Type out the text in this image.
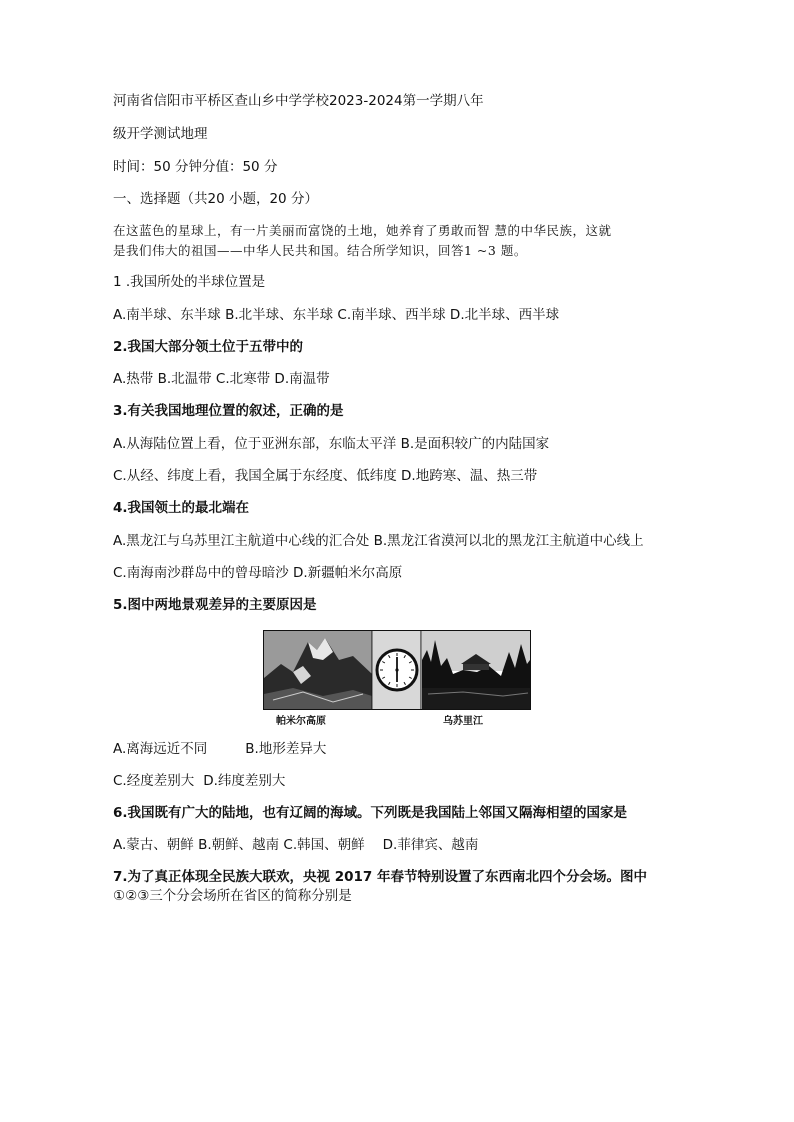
河南省信阳市平桥区查山乡中学学校2023-2024第一学期八年
级开学测试地理
时间：50 分钟分值：50 分
一、选择题（共20 小题，20 分）
在这蓝色的星球上，有一片美丽而富饶的土地，她养育了勇敢而智 慧的中华民族，这就
是我们伟大的祖国——中华人民共和国。结合所学知识，回答1 ~3 题。
1 .我国所处的半球位置是
A.南半球、东半球 B.北半球、东半球 C.南半球、西半球 D.北半球、西半球
2.我国大部分领土位于五带中的
A.热带 B.北温带 C.北寒带 D.南温带
3.有关我国地理位置的叙述，正确的是
A.从海陆位置上看，位于亚洲东部，东临太平洋 B.是面积较广的内陆国家
C.从经、纬度上看，我国全属于东经度、低纬度 D.地跨寒、温、热三带
4.我国领土的最北端在
A.黑龙江与乌苏里江主航道中心线的汇合处 B.黑龙江省漠河以北的黑龙江主航道中心线上
C.南海南沙群岛中的曾母暗沙 D.新疆帕米尔高原
5.图中两地景观差异的主要原因是
帕米尔高原	乌苏里江
A.离海远近不同	B.地形差异大
C.经度差别大 D.纬度差别大
6.我国既有广大的陆地，也有辽阔的海域。下列既是我国陆上邻国又隔海相望的国家是
A.蒙古、朝鲜 B.朝鲜、越南 C.韩国、朝鲜 D.菲律宾、越南
7.为了真正体现全民族大联欢，央视 2017 年春节特别设置了东西南北四个分会场。图中
①②③三个分会场所在省区的简称分别是
